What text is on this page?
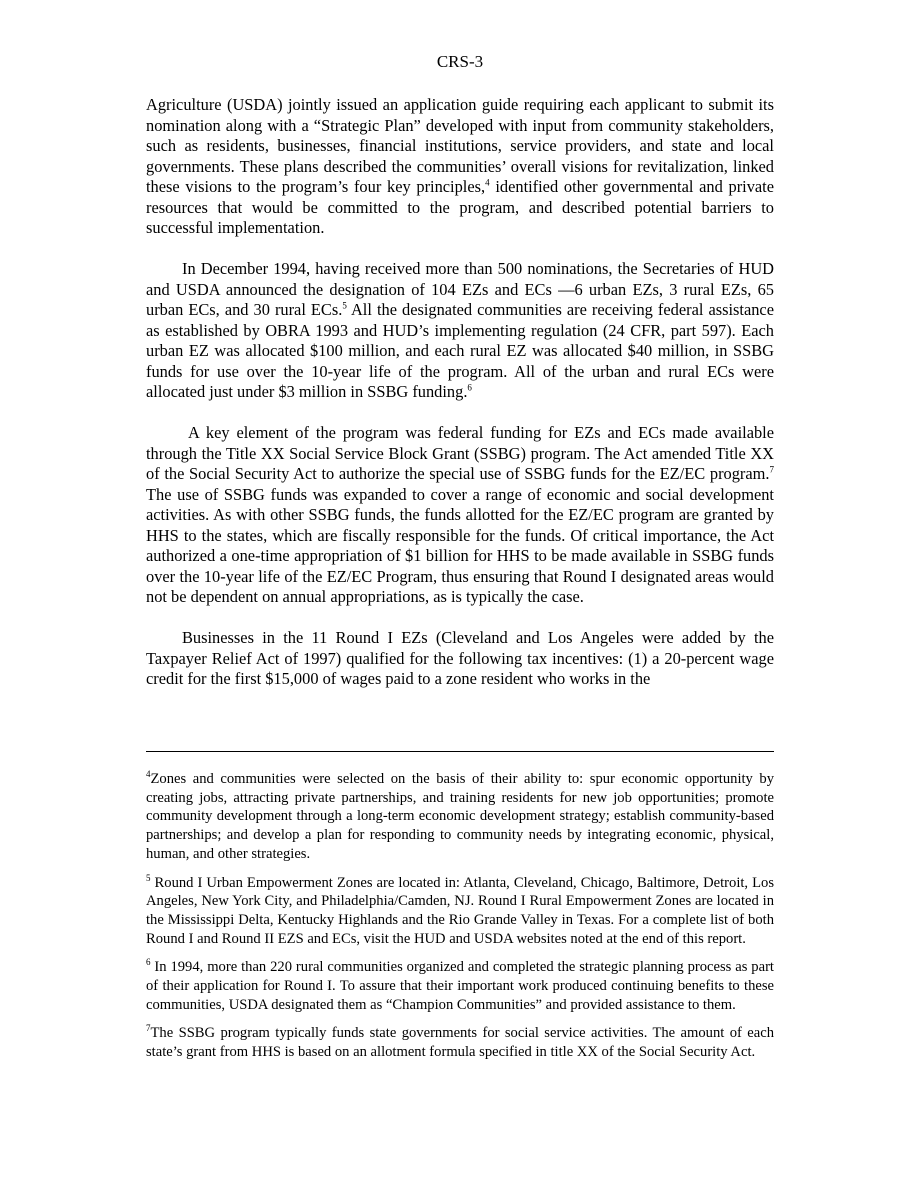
CRS-3

Agriculture (USDA) jointly issued an application guide requiring each applicant to submit its nomination along with a “Strategic Plan” developed with input from community stakeholders, such as residents, businesses, financial institutions, service providers, and state and local governments. These plans described the communities’ overall visions for revitalization, linked these visions to the program’s four key principles,$^4$ identified other governmental and private resources that would be committed to the program, and described potential barriers to successful implementation.

In December 1994, having received more than 500 nominations, the Secretaries of HUD and USDA announced the designation of 104 EZs and ECs —6 urban EZs, 3 rural EZs, 65 urban ECs, and 30 rural ECs.$^5$ All the designated communities are receiving federal assistance as established by OBRA 1993 and HUD’s implementing regulation (24 CFR, part 597). Each urban EZ was allocated $100 million, and each rural EZ was allocated $40 million, in SSBG funds for use over the 10-year life of the program. All of the urban and rural ECs were allocated just under $3 million in SSBG funding.$^6$

A key element of the program was federal funding for EZs and ECs made available through the Title XX Social Service Block Grant (SSBG) program. The Act amended Title XX of the Social Security Act to authorize the special use of SSBG funds for the EZ/EC program.$^7$ The use of SSBG funds was expanded to cover a range of economic and social development activities. As with other SSBG funds, the funds allotted for the EZ/EC program are granted by HHS to the states, which are fiscally responsible for the funds. Of critical importance, the Act authorized a one-time appropriation of $1 billion for HHS to be made available in SSBG funds over the 10-year life of the EZ/EC Program, thus ensuring that Round I designated areas would not be dependent on annual appropriations, as is typically the case.

Businesses in the 11 Round I EZs (Cleveland and Los Angeles were added by the Taxpayer Relief Act of 1997) qualified for the following tax incentives: (1) a 20-percent wage credit for the first $15,000 of wages paid to a zone resident who works in the

$^4$Zones and communities were selected on the basis of their ability to: spur economic opportunity by creating jobs, attracting private partnerships, and training residents for new job opportunities; promote community development through a long-term economic development strategy; establish community-based partnerships; and develop a plan for responding to community needs by integrating economic, physical, human, and other strategies.

$^5$ Round I Urban Empowerment Zones are located in: Atlanta, Cleveland, Chicago, Baltimore, Detroit, Los Angeles, New York City, and Philadelphia/Camden, NJ. Round I Rural Empowerment Zones are located in the Mississippi Delta, Kentucky Highlands and the Rio Grande Valley in Texas. For a complete list of both Round I and Round II EZS and ECs, visit the HUD and USDA websites noted at the end of this report.

$^6$ In 1994, more than 220 rural communities organized and completed the strategic planning process as part of their application for Round I. To assure that their important work produced continuing benefits to these communities, USDA designated them as “Champion Communities” and provided assistance to them.

$^7$The SSBG program typically funds state governments for social service activities. The amount of each state’s grant from HHS is based on an allotment formula specified in title XX of the Social Security Act.
